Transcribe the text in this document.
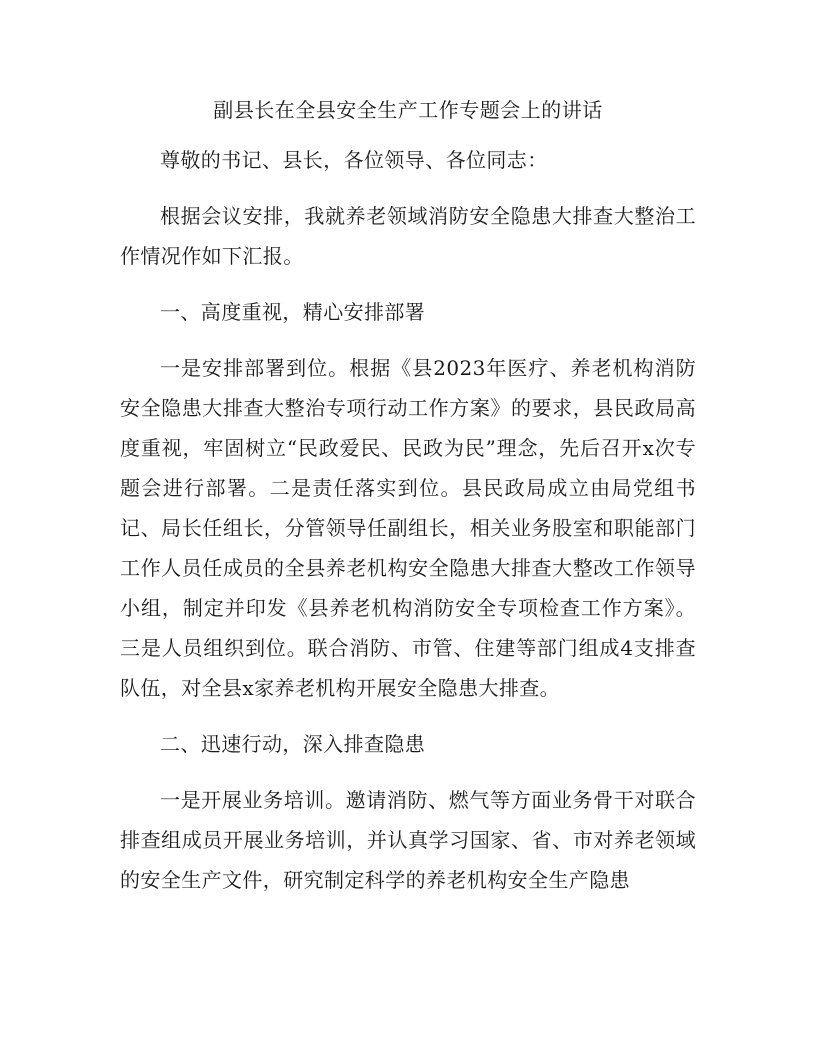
副县长在全县安全生产工作专题会上的讲话

尊敬的书记、县长，各位领导、各位同志：

根据会议安排，我就养老领域消防安全隐患大排查大整治工作情况作如下汇报。

一、高度重视，精心安排部署

一是安排部署到位。根据《县2023年医疗、养老机构消防安全隐患大排查大整治专项行动工作方案》的要求，县民政局高度重视，牢固树立“民政爱民、民政为民”理念，先后召开x次专题会进行部署。二是责任落实到位。县民政局成立由局党组书记、局长任组长，分管领导任副组长，相关业务股室和职能部门工作人员任成员的全县养老机构安全隐患大排查大整改工作领导小组，制定并印发《县养老机构消防安全专项检查工作方案》。三是人员组织到位。联合消防、市管、住建等部门组成4支排查队伍，对全县x家养老机构开展安全隐患大排查。

二、迅速行动，深入排查隐患

一是开展业务培训。邀请消防、燃气等方面业务骨干对联合排查组成员开展业务培训，并认真学习国家、省、市对养老领域的安全生产文件，研究制定科学的养老机构安全生产隐患
